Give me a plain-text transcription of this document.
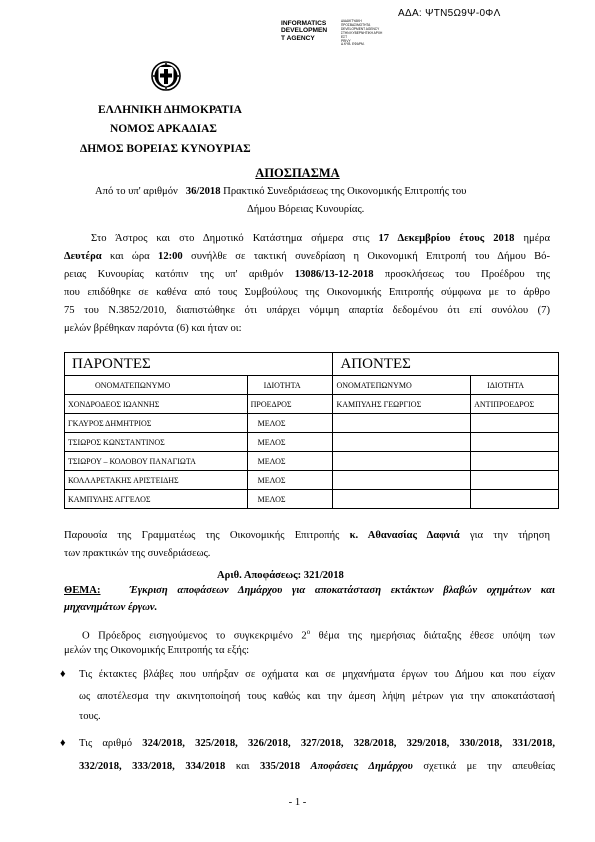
ΑΔΑ: ΨΤΝ5Ω9Ψ-0ΦΛ
INFORMATICS
DEVELOPMEN
T AGENCY
ΔΙΑΔΙΚΤΥΑΚΗ
ΠΡΟΣΒΑΣΙΜΟΤΗΤΑ
DEVELOPMENT AGENCY
ΣΤΗΝ ΚΥΒΕΡΝΗΤΙΚΗ ΑΡΧΗ
ΕΣΤ
PRIVY
Δ.ΚΥΒ. ΕΦΑΡΜ.
ΕΛΛΗΝΙΚΗ ΔΗΜΟΚΡΑΤΙΑ
ΝΟΜΟΣ ΑΡΚΑΔΙΑΣ
ΔΗΜΟΣ ΒΟΡΕΙΑΣ ΚΥΝΟΥΡΙΑΣ
ΑΠΟΣΠΑΣΜΑ
Από το υπ' αριθμόν 36/2018 Πρακτικό Συνεδριάσεως της Οικονομικής Επιτροπής του
Δήμου Βόρειας Κυνουρίας.
Στο Άστρος και στο Δημοτικό Κατάστημα σήμερα στις 17 Δεκεμβρίου έτους 2018 ημέρα
Δευτέρα και ώρα 12:00 συνήλθε σε τακτική συνεδρίαση η Οικονομική Επιτροπή του Δήμου Βό-
ρειας Κυνουρίας κατόπιν της υπ' αριθμόν 13086/13-12-2018 προσκλήσεως του Προέδρου της
που επιδόθηκε σε καθένα από τους Συμβούλους της Οικονομικής Επιτροπής σύμφωνα με το άρθρο
75 του Ν.3852/2010, διαπιστώθηκε ότι υπάρχει νόμιμη απαρτία δεδομένου ότι επί συνόλου (7)
μελών βρέθηκαν παρόντα (6) και ήταν οι:
ΠΑΡΟΝΤΕΣ		ΑΠΟΝΤΕΣ	
ΟΝΟΜΑΤΕΠΩΝΥΜΟ	ΙΔΙΟΤΗΤΑ	ΟΝΟΜΑΤΕΠΩΝΥΜΟ	ΙΔΙΟΤΗΤΑ
ΧΟΝΔΡΟΔΕΟΣ ΙΩΑΝΝΗΣ	ΠΡΟΕΔΡΟΣ	ΚΑΜΠΥΛΗΣ ΓΕΩΡΓΙΟΣ	ΑΝΤΙΠΡΟΕΔΡΟΣ
ΓΚΑΥΡΟΣ ΔΗΜΗΤΡΙΟΣ	ΜΕΛΟΣ		
ΤΣΙΩΡΟΣ ΚΩΝΣΤΑΝΤΙΝΟΣ	ΜΕΛΟΣ		
ΤΣΙΩΡΟΥ – ΚΟΛΟΒΟΥ ΠΑΝΑΓΙΩΤΑ	ΜΕΛΟΣ		
ΚΟΛΛΑΡΕΤΑΚΗΣ ΑΡΙΣΤΕΙΔΗΣ	ΜΕΛΟΣ		
ΚΑΜΠΥΛΗΣ ΑΓΓΕΛΟΣ	ΜΕΛΟΣ		
Παρουσία της Γραμματέως της Οικονομικής Επιτροπής κ. Αθανασίας Δαφνιά για την τήρηση
των πρακτικών της συνεδριάσεως.
Αριθ. Αποφάσεως: 321/2018
ΘΕΜΑ:	Έγκριση αποφάσεων Δημάρχου για αποκατάσταση εκτάκτων βλαβών οχημάτων και
μηχανημάτων έργων.
Ο Πρόεδρος εισηγούμενος το συγκεκριμένο $2^o$ θέμα της ημερήσιας διάταξης έθεσε υπόψη των
μελών της Οικονομικής Επιτροπής τα εξής:
♦ Τις έκτακτες βλάβες που υπήρξαν σε οχήματα και σε μηχανήματα έργων του Δήμου και που είχαν
ως αποτέλεσμα την ακινητοποίησή τους καθώς και την άμεση λήψη μέτρων για την αποκατάστασή
τους.
♦ Τις αριθμό 324/2018, 325/2018, 326/2018, 327/2018, 328/2018, 329/2018, 330/2018, 331/2018,
332/2018, 333/2018, 334/2018 και 335/2018 Αποφάσεις Δημάρχου σχετικά με την απευθείας
- 1 -
